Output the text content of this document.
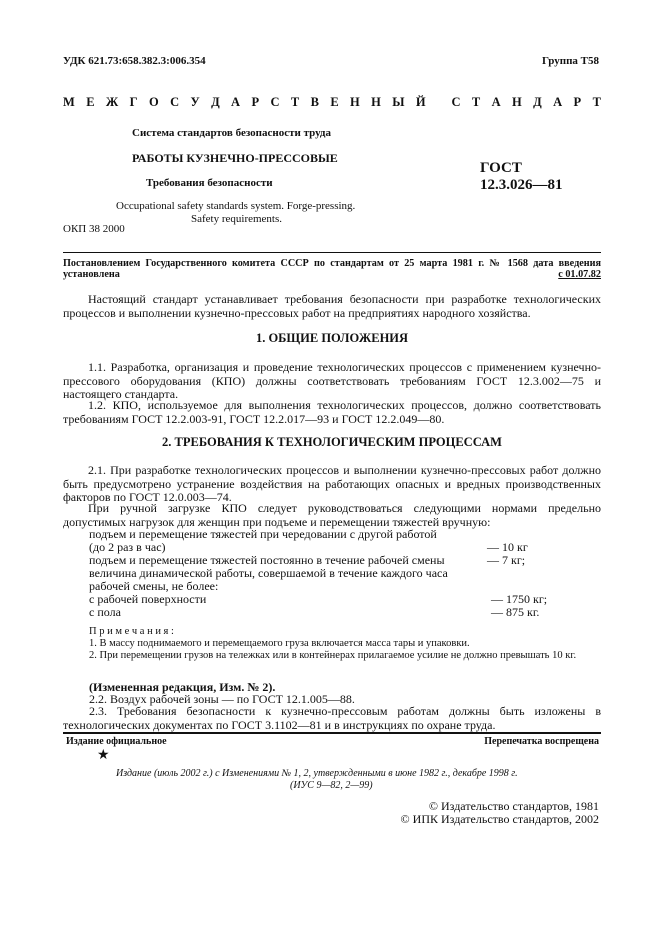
УДК 621.73:658.382.3:006.354	Группа Т58
М Е Ж Г О С У Д А Р С Т В Е Н Н Ы Й
С Т А Н Д А Р Т
Система стандартов безопасности труда
РАБОТЫ КУЗНЕЧНО-ПРЕССОВЫЕ
Требования безопасности
ГОСТ
12.3.026—81
Occupational safety standards system. Forge-pressing.
Safety requirements.
ОКП 38 2000
Постановлением Государственного комитета СССР по стандартам от 25 марта 1981 г. № 1568 дата введения
установлена	с 01.07.82
Настоящий стандарт устанавливает требования безопасности при разработке технологических процессов и выполнении кузнечно-прессовых работ на предприятиях народного хозяйства.
1. ОБЩИЕ ПОЛОЖЕНИЯ
1.1. Разработка, организация и проведение технологических процессов с применением кузнечно-прессового оборудования (КПО) должны соответствовать требованиям ГОСТ 12.3.002—75 и настоящего стандарта.
1.2. КПО, используемое для выполнения технологических процессов, должно соответствовать требованиям ГОСТ 12.2.003-91, ГОСТ 12.2.017—93 и ГОСТ 12.2.049—80.
2. ТРЕБОВАНИЯ К ТЕХНОЛОГИЧЕСКИМ ПРОЦЕССАМ
2.1. При разработке технологических процессов и выполнении кузнечно-прессовых работ должно быть предусмотрено устранение воздействия на работающих опасных и вредных производственных факторов по ГОСТ 12.0.003—74.
При ручной загрузке КПО следует руководствоваться следующими нормами предельно допустимых нагрузок для женщин при подъеме и перемещении тяжестей вручную:
подъем и перемещение тяжестей при чередовании с другой работой
(до 2 раз в час)	— 10 кг
подъем и перемещение тяжестей постоянно в течение рабочей смены	— 7 кг;
величина динамической работы, совершаемой в течение каждого часа
рабочей смены, не более:
с рабочей поверхности	— 1750 кг;
с пола	— 875 кг.
П р и м е ч а н и я :
1. В массу поднимаемого и перемещаемого груза включается масса тары и упаковки.
2. При перемещении грузов на тележках или в контейнерах прилагаемое усилие не должно превышать 10 кг.
(Измененная редакция, Изм. № 2).
2.2. Воздух рабочей зоны — по ГОСТ 12.1.005—88.
2.3. Требования безопасности к кузнечно-прессовым работам должны быть изложены в технологических документах по ГОСТ 3.1102—81 и в инструкциях по охране труда.
Издание официальное	Перепечатка воспрещена
★
Издание (июль 2002 г.) с Изменениями № 1, 2, утвержденными в июне 1982 г., декабре 1998 г.
(ИУС 9—82, 2—99)
© Издательство стандартов, 1981
© ИПК Издательство стандартов, 2002
